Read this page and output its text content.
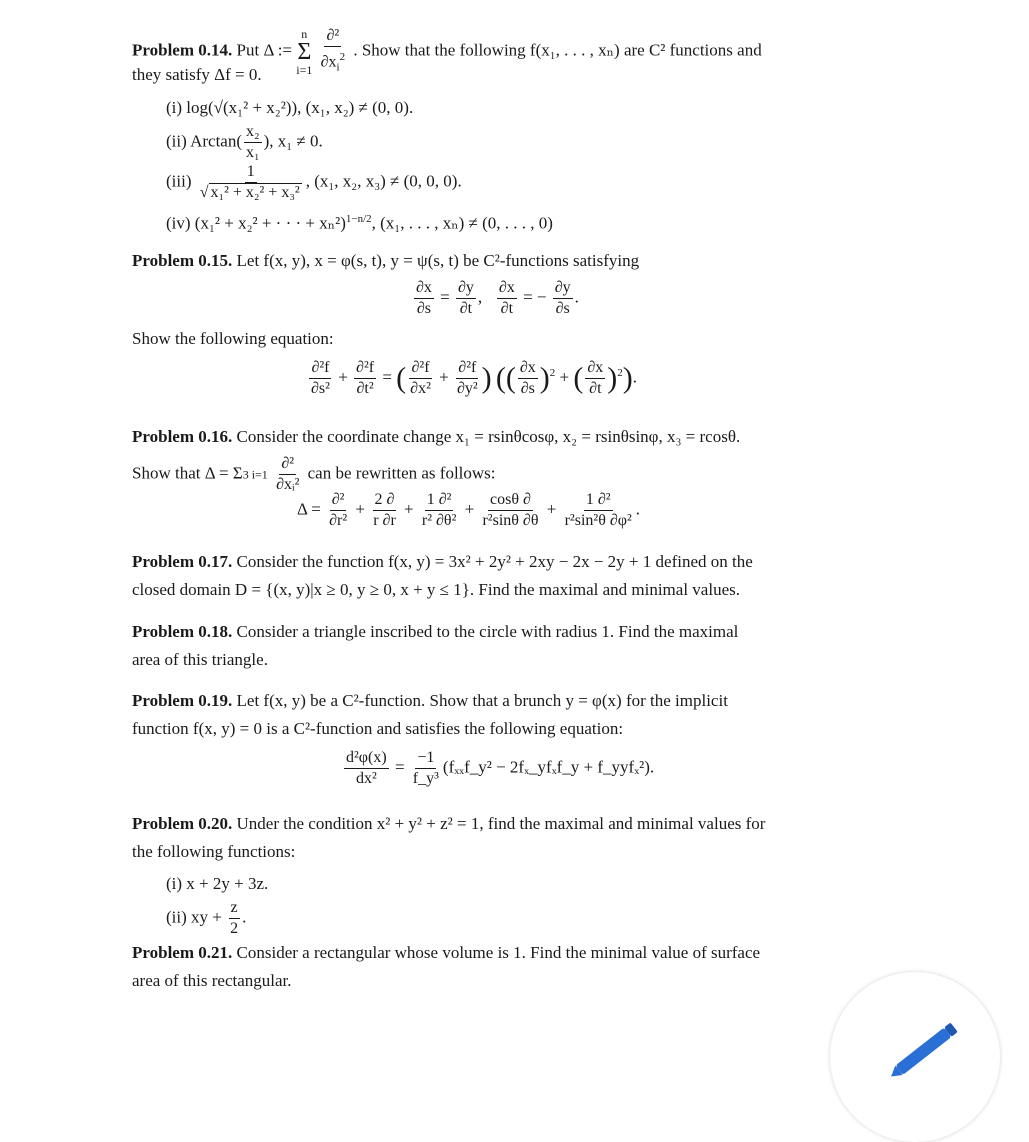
Problem 0.14. Put Δ :=
n
Σ
i=1
$\frac{\text{∂²}}{\partial x_i^2}$ . Show that the following f(x₁, . . . , xₙ) are C² functions and
they satisfy Δf = 0.
(i) log(√(x₁² + x₂²)), (x₁, x₂) ≠ (0, 0).
(ii) $Arctan( \frac{\text{x₂}}{\text{x₁}}$ ), x₁ ≠ 0.
$(iii) \frac{1}{\text{√ x₁² + x₂² + x₃²}}$ , (x₁, x₂, x₃) ≠ (0, 0, 0).
(iv) (x₁² + x₂² + · · · + xₙ²)$^{1-n/2}$, (x₁, . . . , xₙ) ≠ (0, . . . , 0)
Problem 0.15. Let f(x, y), x = φ(s, t), y = ψ(s, t) be C²-functions satisfying
$\frac{\partial x}{\partial s} = \frac{\partial y}{\partial t}$ , $\frac{\partial x}{\partial t}$ = − $\frac{\partial y}{\partial s}$ .
Show the following equation:
$\frac{\text{∂²f}}{\text{∂s²}} + \frac{\text{∂²f}}{\text{∂t²}}$ = ( $\frac{\text{∂²f}}{\text{∂x²}} + \frac{\text{∂²f}}{\text{∂y²}}$ ) (( $\frac{\partial x}{\partial s} )^2$ + ( $\frac{\partial x}{\partial t} )^2$).
Problem 0.16. Consider the coordinate change x₁ = rsinθcosφ, x₂ = rsinθsinφ, x₃ = rcosθ.
Show that Δ = Σ3 $i=1 \frac{\text{∂²}}{\text{∂xᵢ²}}$ can be rewritten as follows:
$\Delta = \frac{\text{∂²}}{\text{∂r²}} + \frac{2 \partial}{r \partial r} + \frac{\text{1 ∂²}}{\text{r² ∂θ²}} + \frac{\cos\theta \partial}{\text{r²sinθ ∂θ}} + \frac{\text{1 ∂²}}{\text{r²sin²θ ∂φ²}}$ .
Problem 0.17. Consider the function f(x, y) = 3x² + 2y² + 2xy − 2x − 2y + 1 defined on the
closed domain D = {(x, y)|x ≥ 0, y ≥ 0, x + y ≤ 1}. Find the maximal and minimal values.
Problem 0.18. Consider a triangle inscribed to the circle with radius 1. Find the maximal
area of this triangle.
Problem 0.19. Let f(x, y) be a C²-function. Show that a brunch y = φ(x) for the implicit
function f(x, y) = 0 is a C²-function and satisfies the following equation:
$\frac{\text{d²φ(x)}}{\text{dx²}} = \frac{-1}{\text{f\_y³}}$ (fₓₓf_y² − 2fₓ_yfₓf_y + f_yyfₓ²).
Problem 0.20. Under the condition x² + y² + z² = 1, find the maximal and minimal values for
the following functions:
(i) x + 2y + 3z.
(ii) xy + $\frac{z}{2}$ .
Problem 0.21. Consider a rectangular whose volume is 1. Find the minimal value of surface
area of this rectangular.
